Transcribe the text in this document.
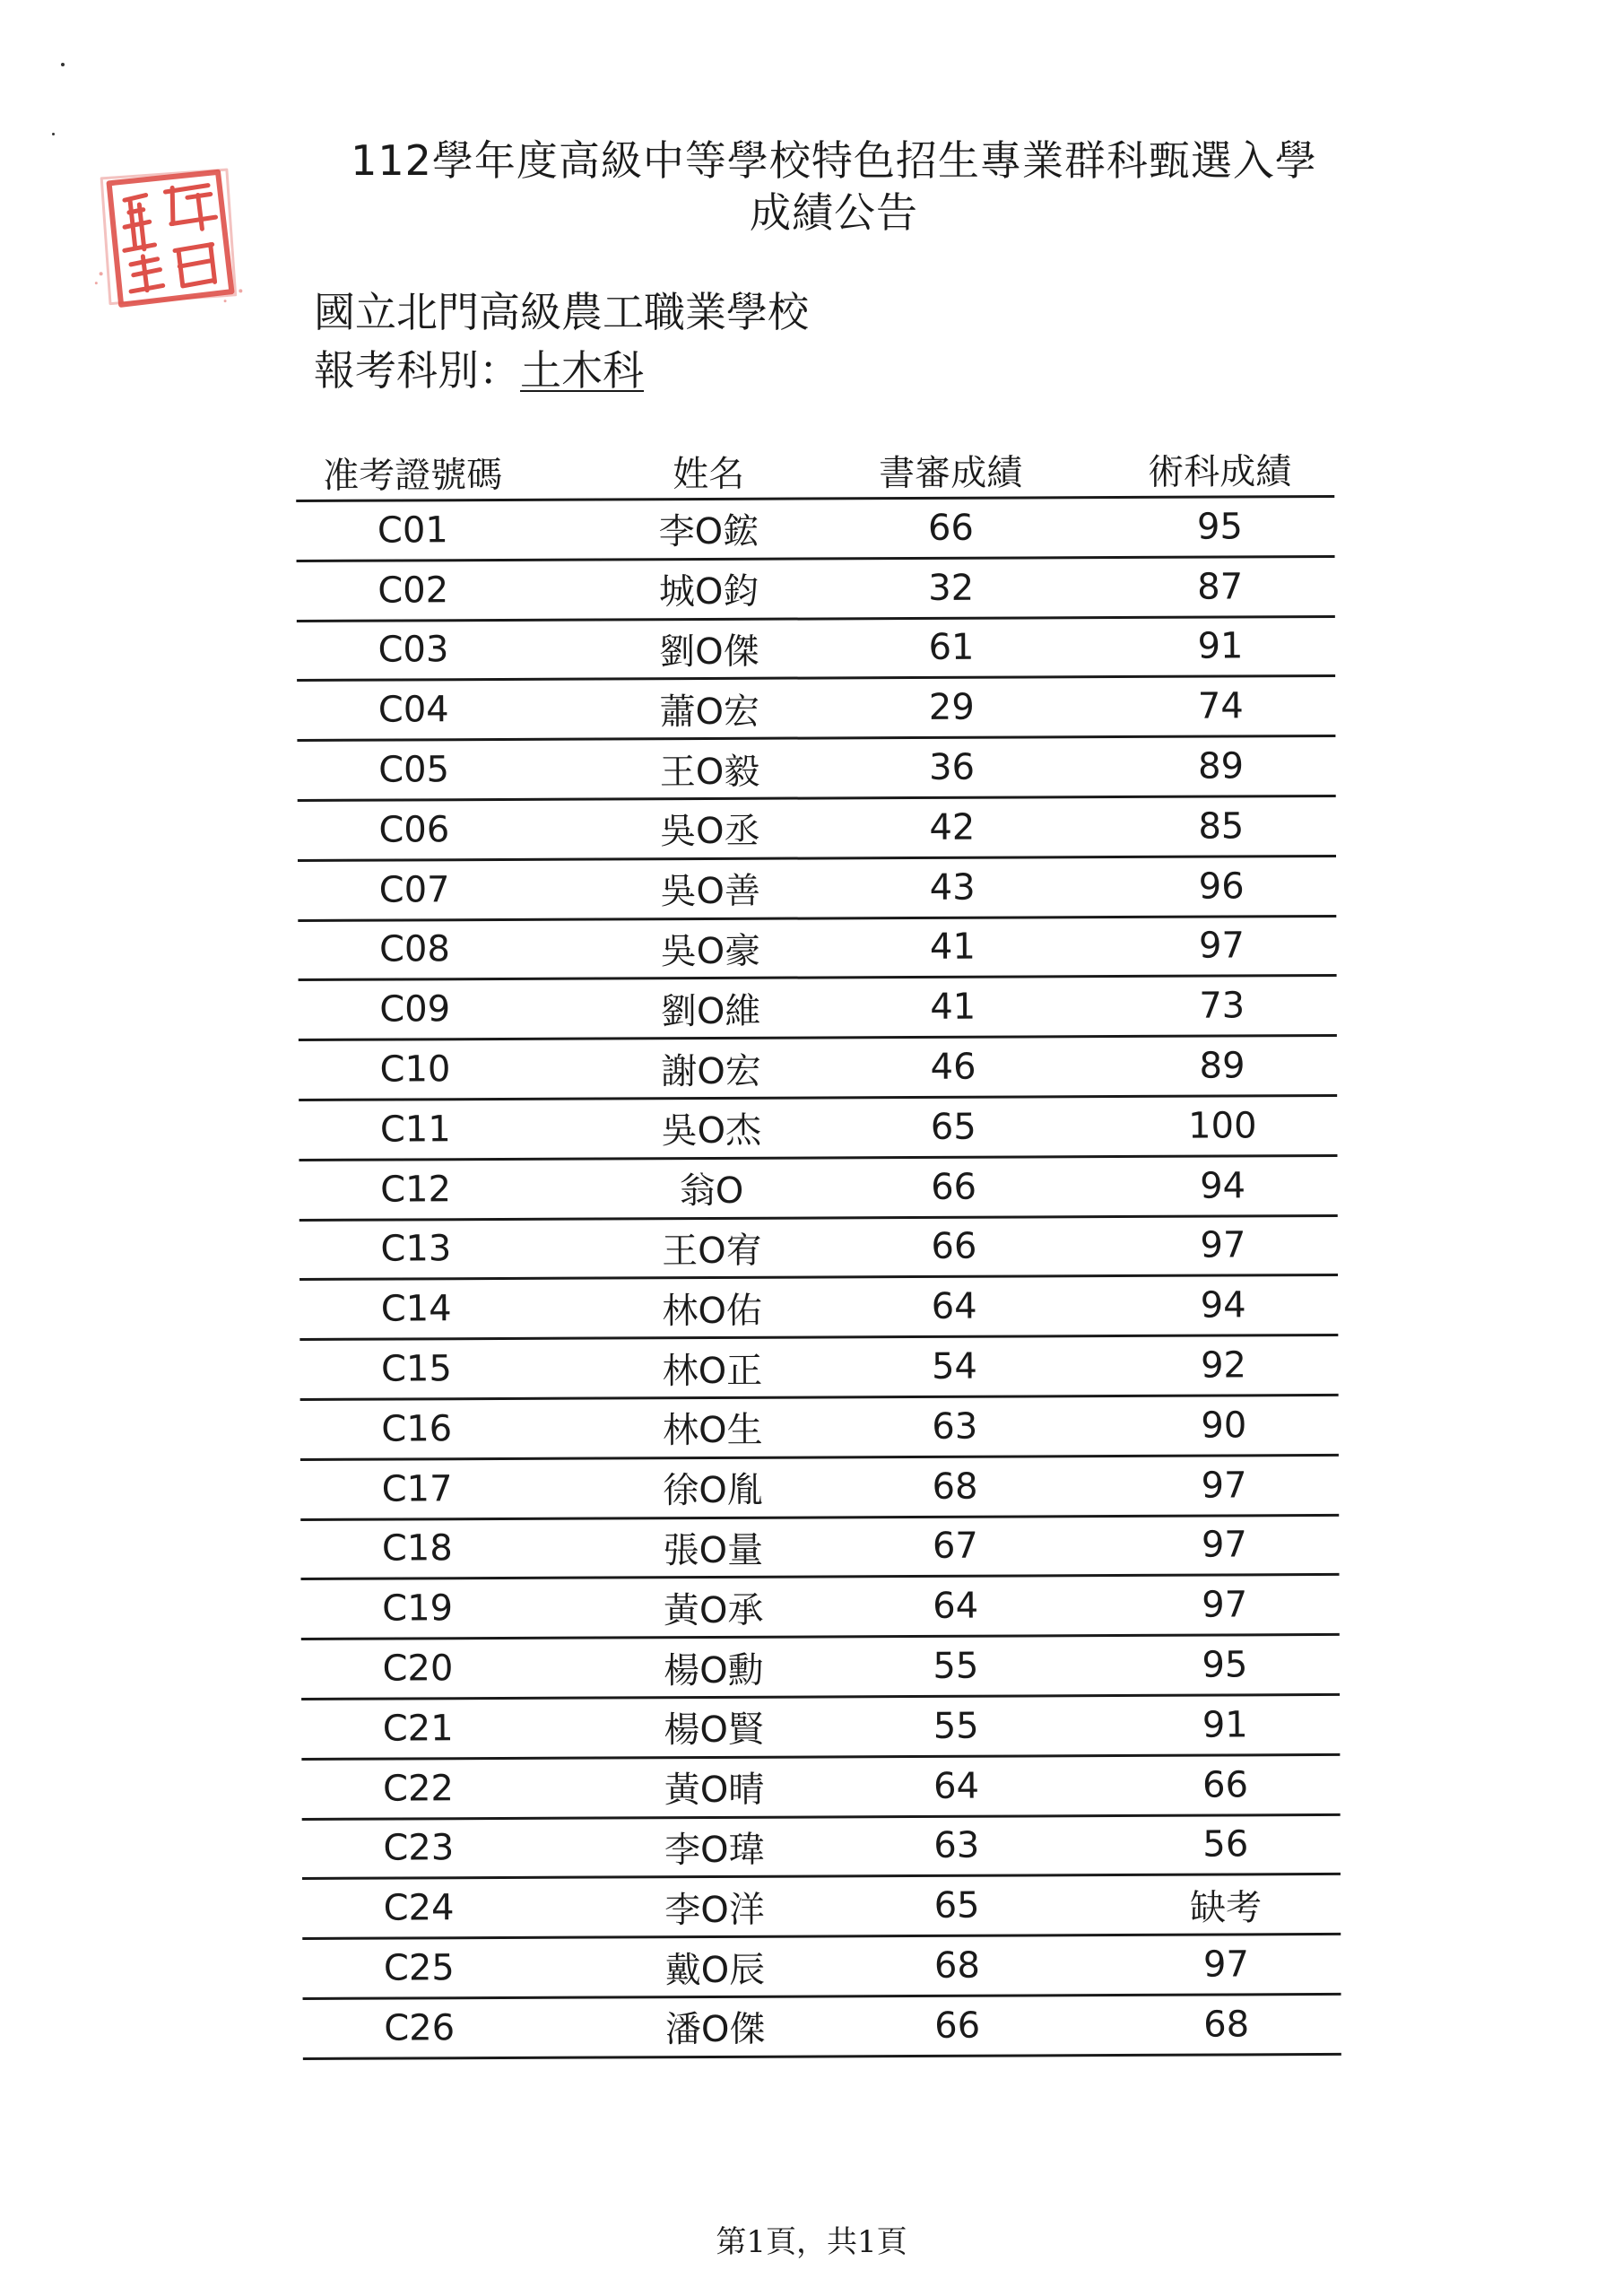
112學年度高級中等學校特色招生專業群科甄選入學
成績公告
國立北門高級農工職業學校
報考科別：土木科
准考證號碼	姓名	書審成績	術科成績
C01	李O鋐	66	95
C02	城O鈞	32	87
C03	劉O傑	61	91
C04	蕭O宏	29	74
C05	王O毅	36	89
C06	吳O丞	42	85
C07	吳O善	43	96
C08	吳O豪	41	97
C09	劉O維	41	73
C10	謝O宏	46	89
C11	吳O杰	65	100
C12	翁O	66	94
C13	王O宥	66	97
C14	林O佑	64	94
C15	林O正	54	92
C16	林O生	63	90
C17	徐O胤	68	97
C18	張O量	67	97
C19	黃O承	64	97
C20	楊O勳	55	95
C21	楊O賢	55	91
C22	黃O晴	64	66
C23	李O瑋	63	56
C24	李O洋	65	缺考
C25	戴O辰	68	97
C26	潘O傑	66	68
第1頁，共1頁
